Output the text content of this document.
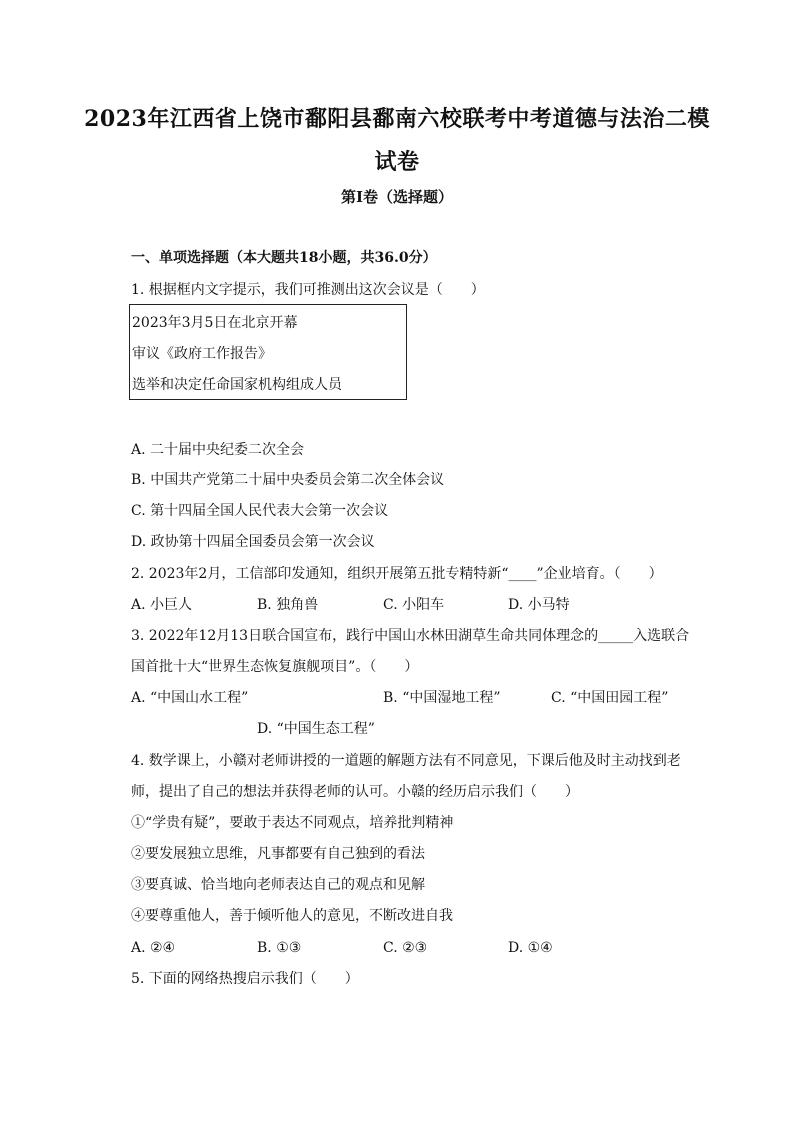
2023年江西省上饶市鄱阳县鄱南六校联考中考道德与法治二模
试卷
第I卷（选择题）
一、单项选择题（本大题共18小题，共36.0分）
1. 根据框内文字提示，我们可推测出这次会议是（　　）
2023年3月5日在北京开幕
审议《政府工作报告》
选举和决定任命国家机构组成人员
A. 二十届中央纪委二次全会
B. 中国共产党第二十届中央委员会第二次全体会议
C. 第十四届全国人民代表大会第一次会议
D. 政协第十四届全国委员会第一次会议
2. 2023年2月，工信部印发通知，组织开展第五批专精特新“____”企业培育。（　　）
A. 小巨人	B. 独角兽	C. 小阳车	D. 小马特
3. 2022年12月13日联合国宣布，践行中国山水林田湖草生命共同体理念的_____入选联合
国首批十大“世界生态恢复旗舰项目”。（　　）
A. “中国山水工程”	B. “中国湿地工程”	C. “中国田园工程”
D. “中国生态工程”
4. 数学课上，小赣对老师讲授的一道题的解题方法有不同意见，下课后他及时主动找到老
师，提出了自己的想法并获得老师的认可。小赣的经历启示我们（　　）
①“学贵有疑”，要敢于表达不同观点，培养批判精神
②要发展独立思维，凡事都要有自己独到的看法
③要真诚、恰当地向老师表达自己的观点和见解
④要尊重他人，善于倾听他人的意见，不断改进自我
A. ②④	B. ①③	C. ②③	D. ①④
5. 下面的网络热搜启示我们（　　）
